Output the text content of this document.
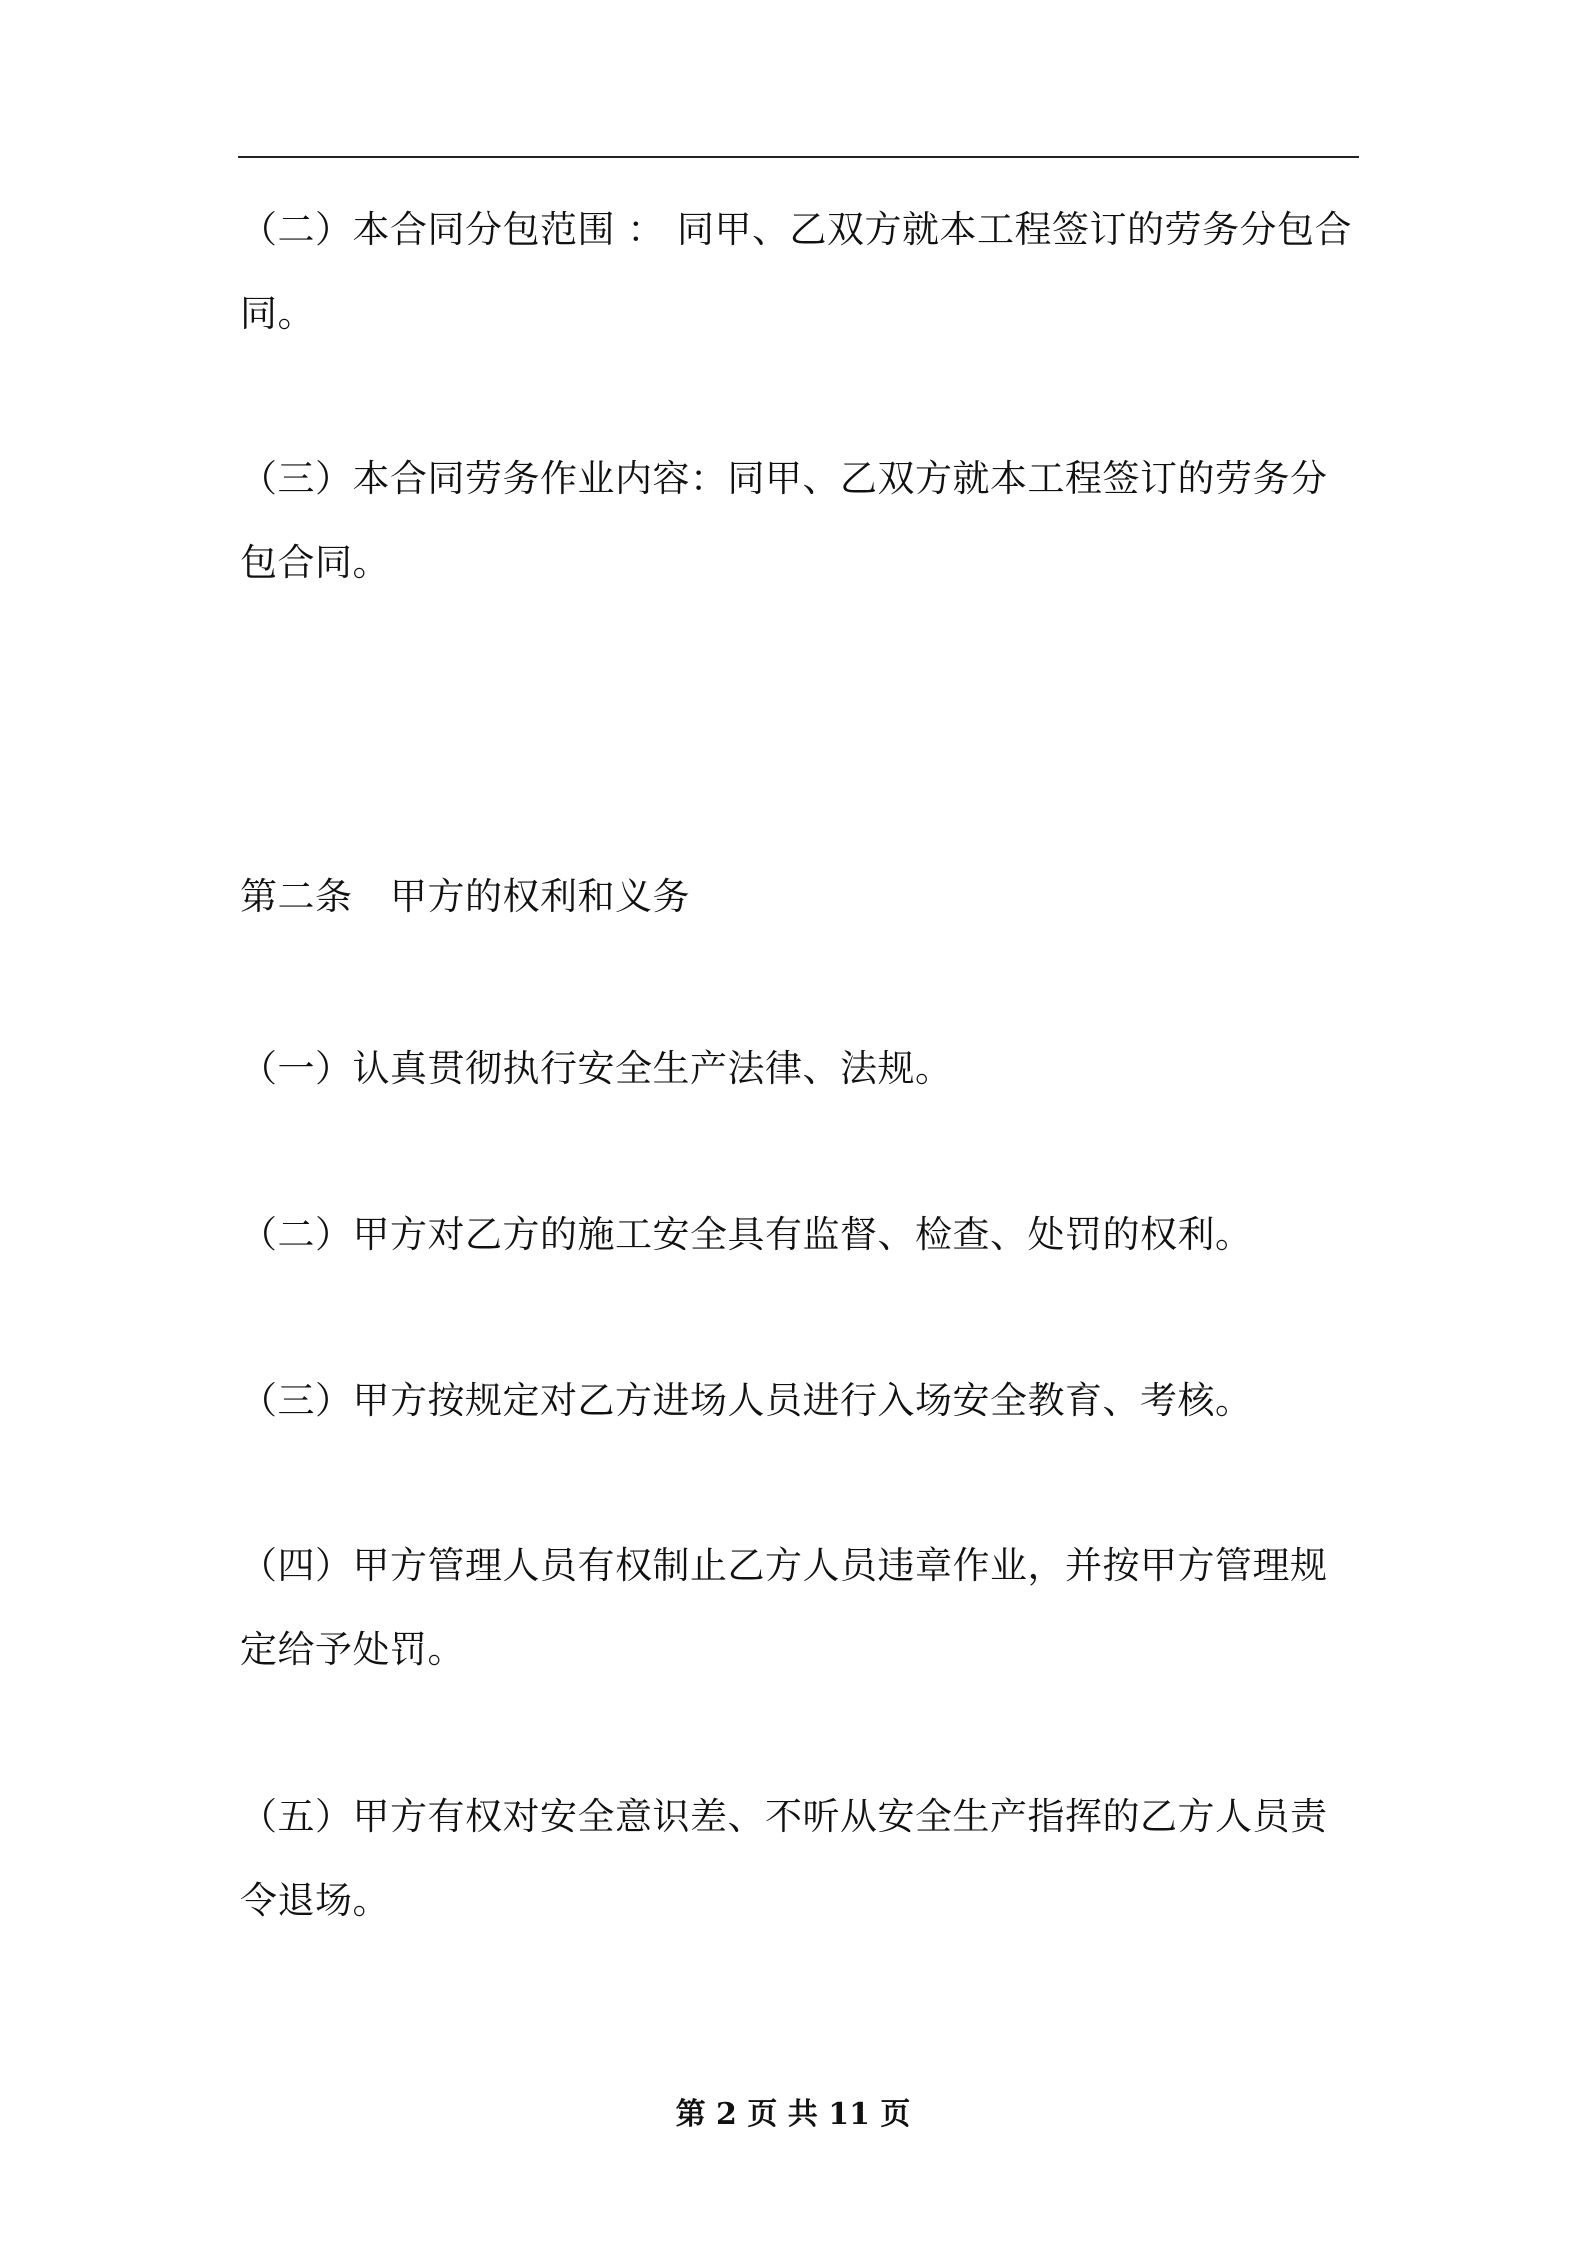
（二）本合同分包范围 ： 同甲、乙双方就本工程签订的劳务分包合同。

（三）本合同劳务作业内容：同甲、乙双方就本工程签订的劳务分包合同。

第二条　甲方的权利和义务

（一）认真贯彻执行安全生产法律、法规。

（二）甲方对乙方的施工安全具有监督、检查、处罚的权利。

（三）甲方按规定对乙方进场人员进行入场安全教育、考核。

（四）甲方管理人员有权制止乙方人员违章作业，并按甲方管理规定给予处罚。

（五）甲方有权对安全意识差、不听从安全生产指挥的乙方人员责令退场。

第 2 页 共 11 页
